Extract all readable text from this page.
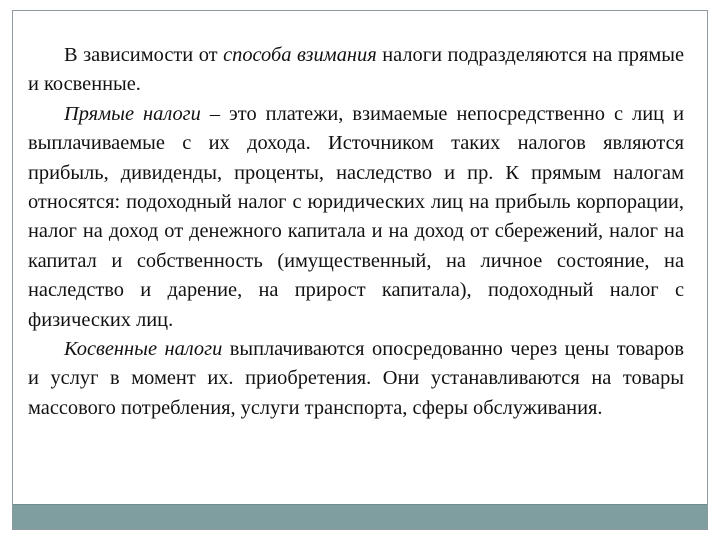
В зависимости от способа взимания налоги подразделяются на прямые и косвенные.

Прямые налоги – это платежи, взимаемые непосредственно с лиц и выплачиваемые с их дохода. Источником таких налогов являются прибыль, дивиденды, проценты, наследство и пр. К прямым налогам относятся: подоходный налог с юридических лиц на прибыль корпорации, налог на доход от денежного капитала и на доход от сбережений, налог на капитал и собственность (имущественный, на личное состояние, на наследство и дарение, на прирост капитала), подоходный налог с физических лиц.

Косвенные налоги выплачиваются опосредованно через цены товаров и услуг в момент их. приобретения. Они устанавливаются на товары массового потребления, услуги транспорта, сферы обслуживания.
